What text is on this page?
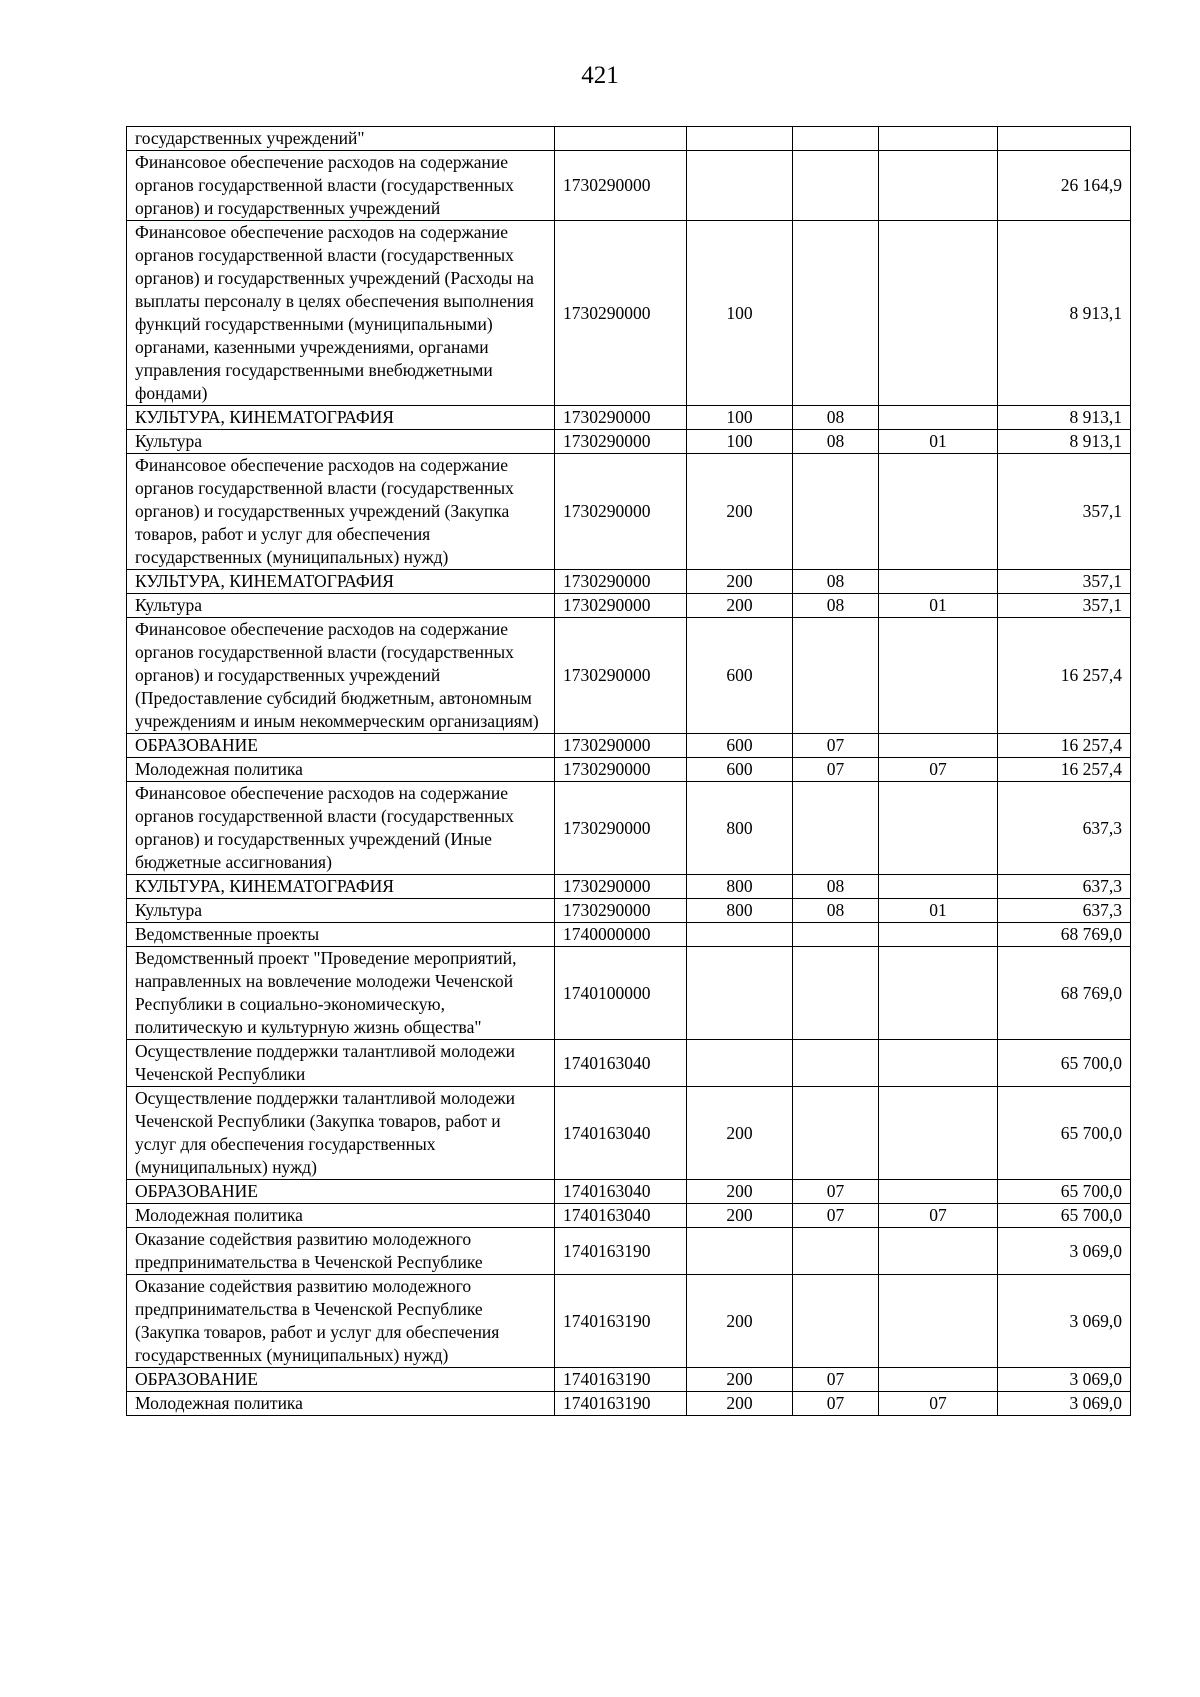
421
государственных учреждений"					
Финансовое обеспечение расходов на содержание органов государственной власти (государственных органов) и государственных учреждений	1730290000				26 164,9
Финансовое обеспечение расходов на содержание органов государственной власти (государственных органов) и государственных учреждений (Расходы на выплаты персоналу в целях обеспечения выполнения функций государственными (муниципальными) органами, казенными учреждениями, органами управления государственными внебюджетными фондами)	1730290000	100			8 913,1
КУЛЬТУРА, КИНЕМАТОГРАФИЯ	1730290000	100	08		8 913,1
Культура	1730290000	100	08	01	8 913,1
Финансовое обеспечение расходов на содержание органов государственной власти (государственных органов) и государственных учреждений (Закупка товаров, работ и услуг для обеспечения государственных (муниципальных) нужд)	1730290000	200			357,1
КУЛЬТУРА, КИНЕМАТОГРАФИЯ	1730290000	200	08		357,1
Культура	1730290000	200	08	01	357,1
Финансовое обеспечение расходов на содержание органов государственной власти (государственных органов) и государственных учреждений (Предоставление субсидий бюджетным, автономным учреждениям и иным некоммерческим организациям)	1730290000	600			16 257,4
ОБРАЗОВАНИЕ	1730290000	600	07		16 257,4
Молодежная политика	1730290000	600	07	07	16 257,4
Финансовое обеспечение расходов на содержание органов государственной власти (государственных органов) и государственных учреждений (Иные бюджетные ассигнования)	1730290000	800			637,3
КУЛЬТУРА, КИНЕМАТОГРАФИЯ	1730290000	800	08		637,3
Культура	1730290000	800	08	01	637,3
Ведомственные проекты	1740000000				68 769,0
Ведомственный проект "Проведение мероприятий, направленных на вовлечение молодежи Чеченской Республики в социально-экономическую, политическую и культурную жизнь общества"	1740100000				68 769,0
Осуществление поддержки талантливой молодежи Чеченской Республики	1740163040				65 700,0
Осуществление поддержки талантливой молодежи Чеченской Республики (Закупка товаров, работ и услуг для обеспечения государственных (муниципальных) нужд)	1740163040	200			65 700,0
ОБРАЗОВАНИЕ	1740163040	200	07		65 700,0
Молодежная политика	1740163040	200	07	07	65 700,0
Оказание содействия развитию молодежного предпринимательства в Чеченской Республике	1740163190				3 069,0
Оказание содействия развитию молодежного предпринимательства в Чеченской Республике (Закупка товаров, работ и услуг для обеспечения государственных (муниципальных) нужд)	1740163190	200			3 069,0
ОБРАЗОВАНИЕ	1740163190	200	07		3 069,0
Молодежная политика	1740163190	200	07	07	3 069,0
